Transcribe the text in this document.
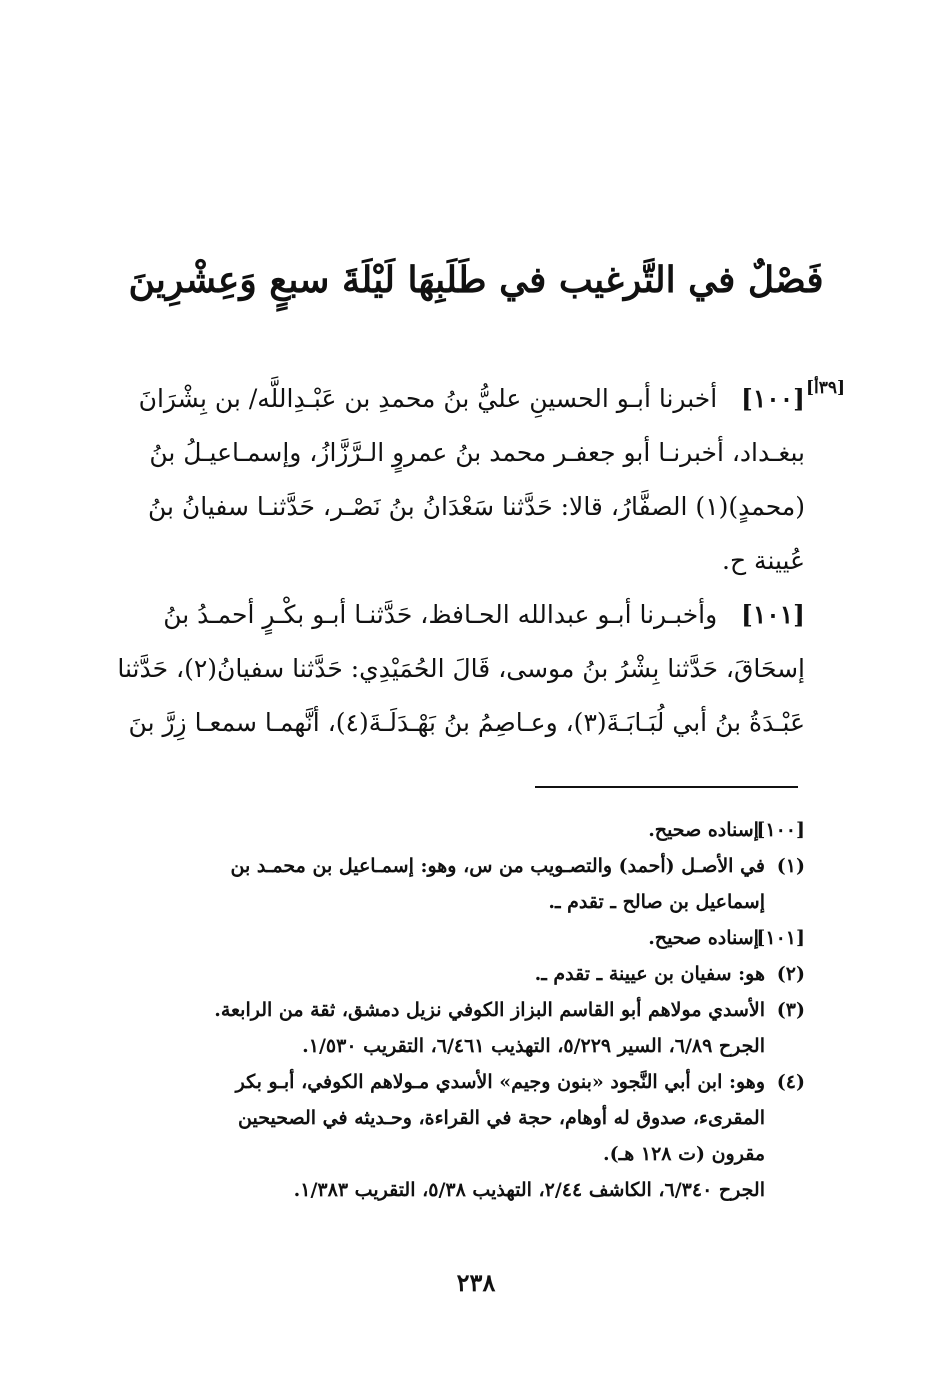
فَصْلٌ في التَّرغيب في طَلَبِهَا لَيْلَةَ سبعٍ وَعِشْرِينَ
[٣٩أ]
[١٠٠]   أخبرنا أبـو الحسينِ عليُّ بنُ محمدِ بن عَبْـدِاللَّه/ بن بِشْرَانَ
ببغـداد، أخبرنـا أبو جعفـر محمد بنُ عمروٍ الـرَّزَّازُ، وإسمـاعيـلُ بنُ
(محمدٍ)(١) الصفَّارُ، قالا: حَدَّثنا سَعْدَانُ بنُ نَصْـر، حَدَّثنـا سفيانُ بنُ
عُيينة ح.
[١٠١]   وأخبـرنا أبـو عبدالله الحـافظ، حَدَّثنـا أبـو بكْـرٍ أحمـدُ بنُ
إسحَاقَ، حَدَّثنا بِشْرُ بنُ موسى، قَالَ الحُمَيْدِي: حَدَّثنا سفيانُ(٢)، حَدَّثنا
عَبْـدَةُ بنُ أبي لُبَـابَـةَ(٣)، وعـاصِمُ بنُ بَهْـدَلَـةَ(٤)، أنَّهمـا سمعـا زِرَّ بنَ
[١٠٠] إسناده صحيح.
(١)في الأصـل (أحمد) والتصـويب من س، وهو: إسمـاعيل بن محمـد بن
إسماعيل بن صالح ـ تقدم ـ.
[١٠١] إسناده صحيح.
(٢)هو: سفيان بن عيينة ـ تقدم ـ.
(٣)الأسدي مولاهم أبو القاسم البزاز الكوفي نزيل دمشق، ثقة من الرابعة.
الجرح ٦/٨٩، السير ٥/٢٢٩، التهذيب ٦/٤٦١، التقريب ١/٥٣٠.
(٤)وهو: ابن أبي النَّجود «بنون وجيم» الأسدي مـولاهم الكوفي، أبـو بكر
المقرىء، صدوق له أوهام، حجة في القراءة، وحـديثه في الصحيحين
مقرون (ت ١٢٨ هـ).
الجرح ٦/٣٤٠، الكاشف ٢/٤٤، التهذيب ٥/٣٨، التقريب ١/٣٨٣.
٢٣٨
